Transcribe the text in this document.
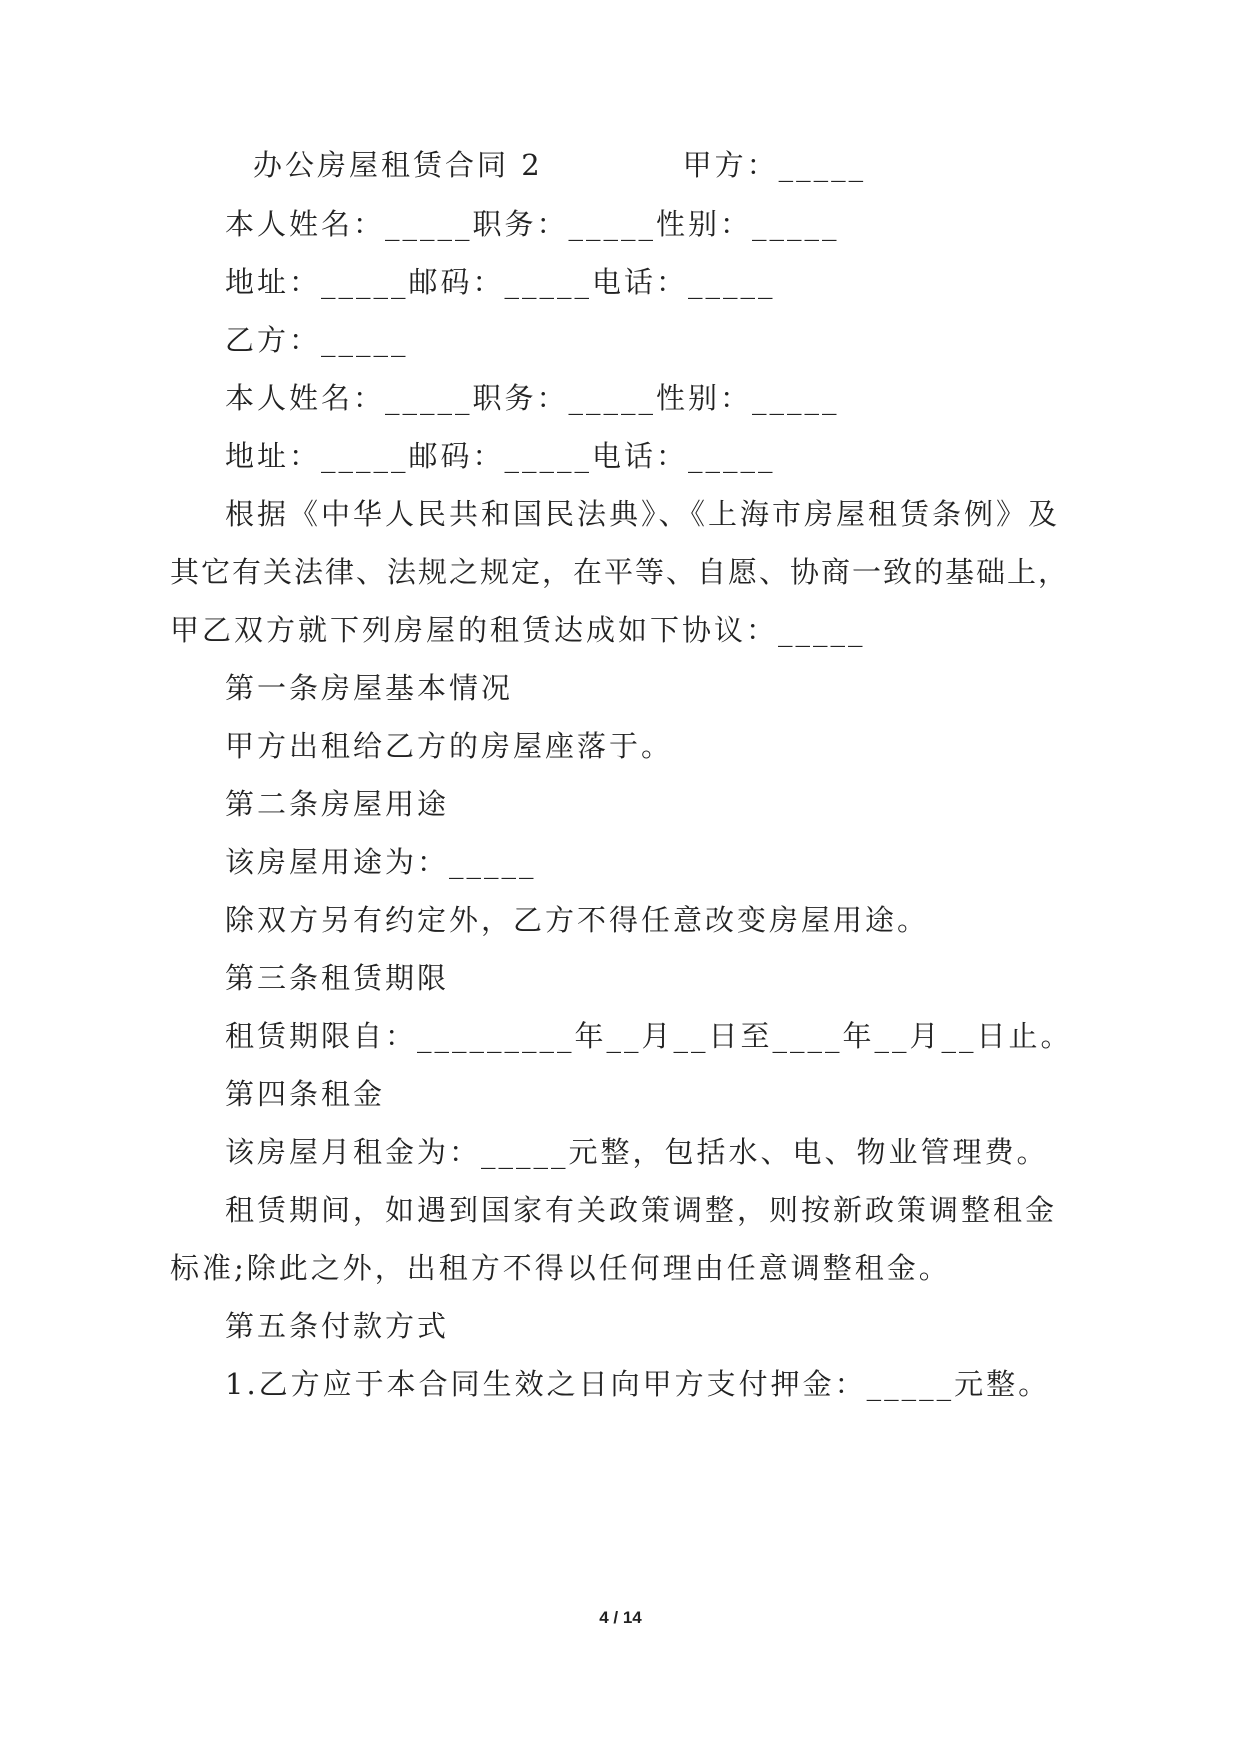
办公房屋租赁合同 2	甲方：_____
本人姓名：_____职务：_____性别：_____
地址：_____邮码：_____电话：_____
乙方：_____
本人姓名：_____职务：_____性别：_____
地址：_____邮码：_____电话：_____
根据《中华人民共和国民法典》、《上海市房屋租赁条例》及
其它有关法律、法规之规定，在平等、自愿、协商一致的基础上，
甲乙双方就下列房屋的租赁达成如下协议：_____
第一条房屋基本情况
甲方出租给乙方的房屋座落于。
第二条房屋用途
该房屋用途为：_____
除双方另有约定外，乙方不得任意改变房屋用途。
第三条租赁期限
租赁期限自：_________年__月__日至____年__月__日止。
第四条租金
该房屋月租金为：_____元整，包括水、电、物业管理费。
租赁期间，如遇到国家有关政策调整，则按新政策调整租金
标准;除此之外，出租方不得以任何理由任意调整租金。
第五条付款方式
1.乙方应于本合同生效之日向甲方支付押金：_____元整。
4 / 14
